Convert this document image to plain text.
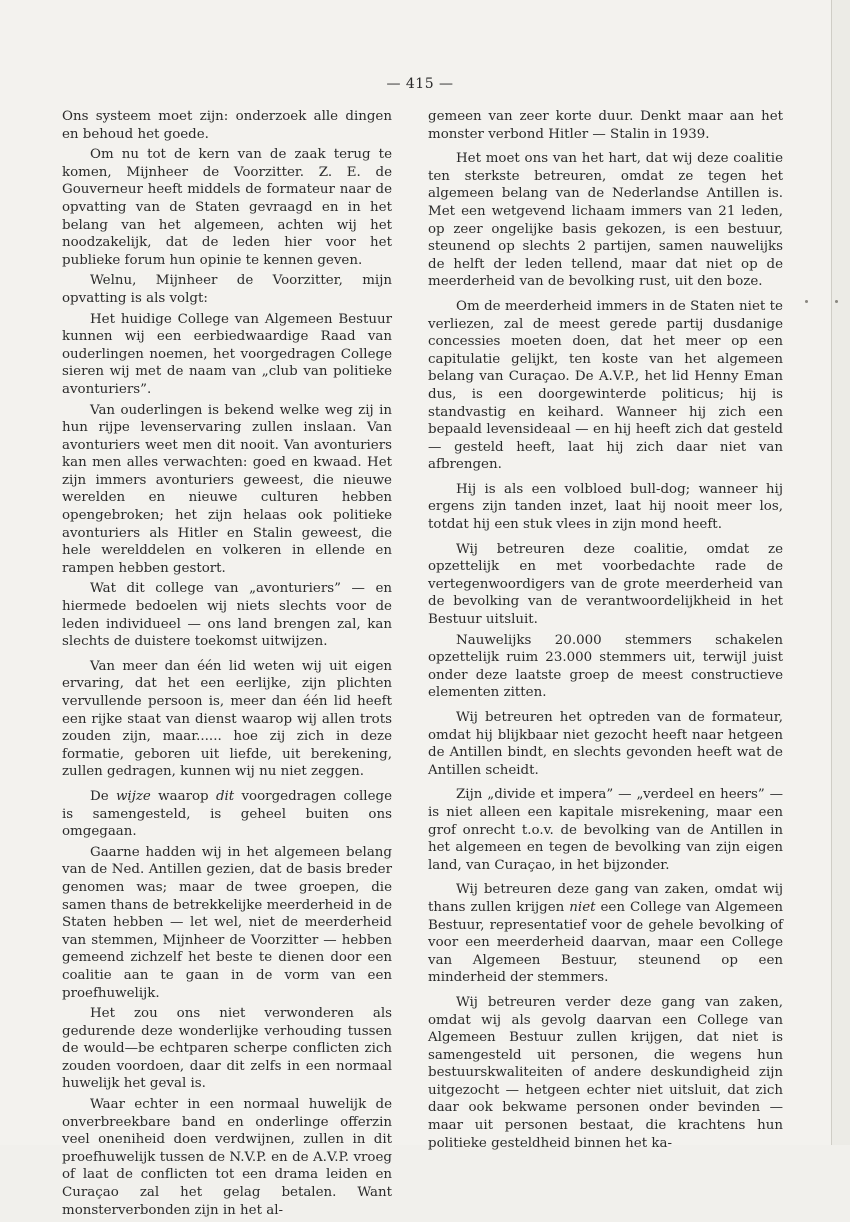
— 415 —

Ons systeem moet zijn: onderzoek alle dingen en behoud het goede.

Om nu tot de kern van de zaak terug te komen, Mijnheer de Voorzitter. Z. E. de Gouverneur heeft middels de formateur naar de opvatting van de Staten gevraagd en in het belang van het algemeen, achten wij het noodzakelijk, dat de leden hier voor het publieke forum hun opinie te kennen geven.

Welnu, Mijnheer de Voorzitter, mijn opvatting is als volgt:

Het huidige College van Algemeen Bestuur kunnen wij een eerbiedwaardige Raad van ouderlingen noemen, het voorgedragen College sieren wij met de naam van „club van politieke avonturiers”.

Van ouderlingen is bekend welke weg zij in hun rijpe levenservaring zullen inslaan. Van avonturiers weet men dit nooit. Van avonturiers kan men alles verwachten: goed en kwaad. Het zijn immers avonturiers geweest, die nieuwe werelden en nieuwe culturen hebben opengebroken; het zijn helaas ook politieke avonturiers als Hitler en Stalin geweest, die hele werelddelen en volkeren in ellende en rampen hebben gestort.

Wat dit college van „avonturiers” — en hiermede bedoelen wij niets slechts voor de leden individueel — ons land brengen zal, kan slechts de duistere toekomst uitwijzen.

Van meer dan één lid weten wij uit eigen ervaring, dat het een eerlijke, zijn plichten vervullende persoon is, meer dan één lid heeft een rijke staat van dienst waarop wij allen trots zouden zijn, maar...... hoe zij zich in deze formatie, geboren uit liefde, uit berekening, zullen gedragen, kunnen wij nu niet zeggen.

De wijze waarop dit voorgedragen college is samengesteld, is geheel buiten ons omgegaan.

Gaarne hadden wij in het algemeen belang van de Ned. Antillen gezien, dat de basis breder genomen was; maar de twee groepen, die samen thans de betrekkelijke meerderheid in de Staten hebben — let wel, niet de meerderheid van stemmen, Mijnheer de Voorzitter — hebben gemeend zichzelf het beste te dienen door een coalitie aan te gaan in de vorm van een proefhuwelijk.

Het zou ons niet verwonderen als gedurende deze wonderlijke verhouding tussen de would—be echtparen scherpe conflicten zich zouden voordoen, daar dit zelfs in een normaal huwelijk het geval is.

Waar echter in een normaal huwelijk de onverbreekbare band en onderlinge offerzin veel oneniheid doen verdwijnen, zullen in dit proefhuwelijk tussen de N.V.P. en de A.V.P. vroeg of laat de conflicten tot een drama leiden en Curaçao zal het gelag betalen. Want monsterverbonden zijn in het al-

gemeen van zeer korte duur. Denkt maar aan het monster verbond Hitler — Stalin in 1939.

Het moet ons van het hart, dat wij deze coalitie ten sterkste betreuren, omdat ze tegen het algemeen belang van de Nederlandse Antillen is. Met een wetgevend lichaam immers van 21 leden, op zeer ongelijke basis gekozen, is een bestuur, steunend op slechts 2 partijen, samen nauwelijks de helft der leden tellend, maar dat niet op de meerderheid van de bevolking rust, uit den boze.

Om de meerderheid immers in de Staten niet te verliezen, zal de meest gerede partij dusdanige concessies moeten doen, dat het meer op een capitulatie gelijkt, ten koste van het algemeen belang van Curaçao. De A.V.P., het lid Henny Eman dus, is een doorgewinterde politicus; hij is standvastig en keihard. Wanneer hij zich een bepaald levensideaal — en hij heeft zich dat gesteld — gesteld heeft, laat hij zich daar niet van afbrengen.

Hij is als een volbloed bull-dog; wanneer hij ergens zijn tanden inzet, laat hij nooit meer los, totdat hij een stuk vlees in zijn mond heeft.

Wij betreuren deze coalitie, omdat ze opzettelijk en met voorbedachte rade de vertegenwoordigers van de grote meerderheid van de bevolking van de verantwoordelijkheid in het Bestuur uitsluit.

Nauwelijks 20.000 stemmers schakelen opzettelijk ruim 23.000 stemmers uit, terwijl juist onder deze laatste groep de meest constructieve elementen zitten.

Wij betreuren het optreden van de formateur, omdat hij blijkbaar niet gezocht heeft naar hetgeen de Antillen bindt, en slechts gevonden heeft wat de Antillen scheidt.

Zijn „divide et impera” — „verdeel en heers” — is niet alleen een kapitale misrekening, maar een grof onrecht t.o.v. de bevolking van de Antillen in het algemeen en tegen de bevolking van zijn eigen land, van Curaçao, in het bijzonder.

Wij betreuren deze gang van zaken, omdat wij thans zullen krijgen niet een College van Algemeen Bestuur, representatief voor de gehele bevolking of voor een meerderheid daarvan, maar een College van Algemeen Bestuur, steunend op een minderheid der stemmers.

Wij betreuren verder deze gang van zaken, omdat wij als gevolg daarvan een College van Algemeen Bestuur zullen krijgen, dat niet is samengesteld uit personen, die wegens hun bestuurskwaliteiten of andere deskundigheid zijn uitgezocht — hetgeen echter niet uitsluit, dat zich daar ook bekwame personen onder bevinden — maar uit personen bestaat, die krachtens hun politieke gesteldheid binnen het ka-
